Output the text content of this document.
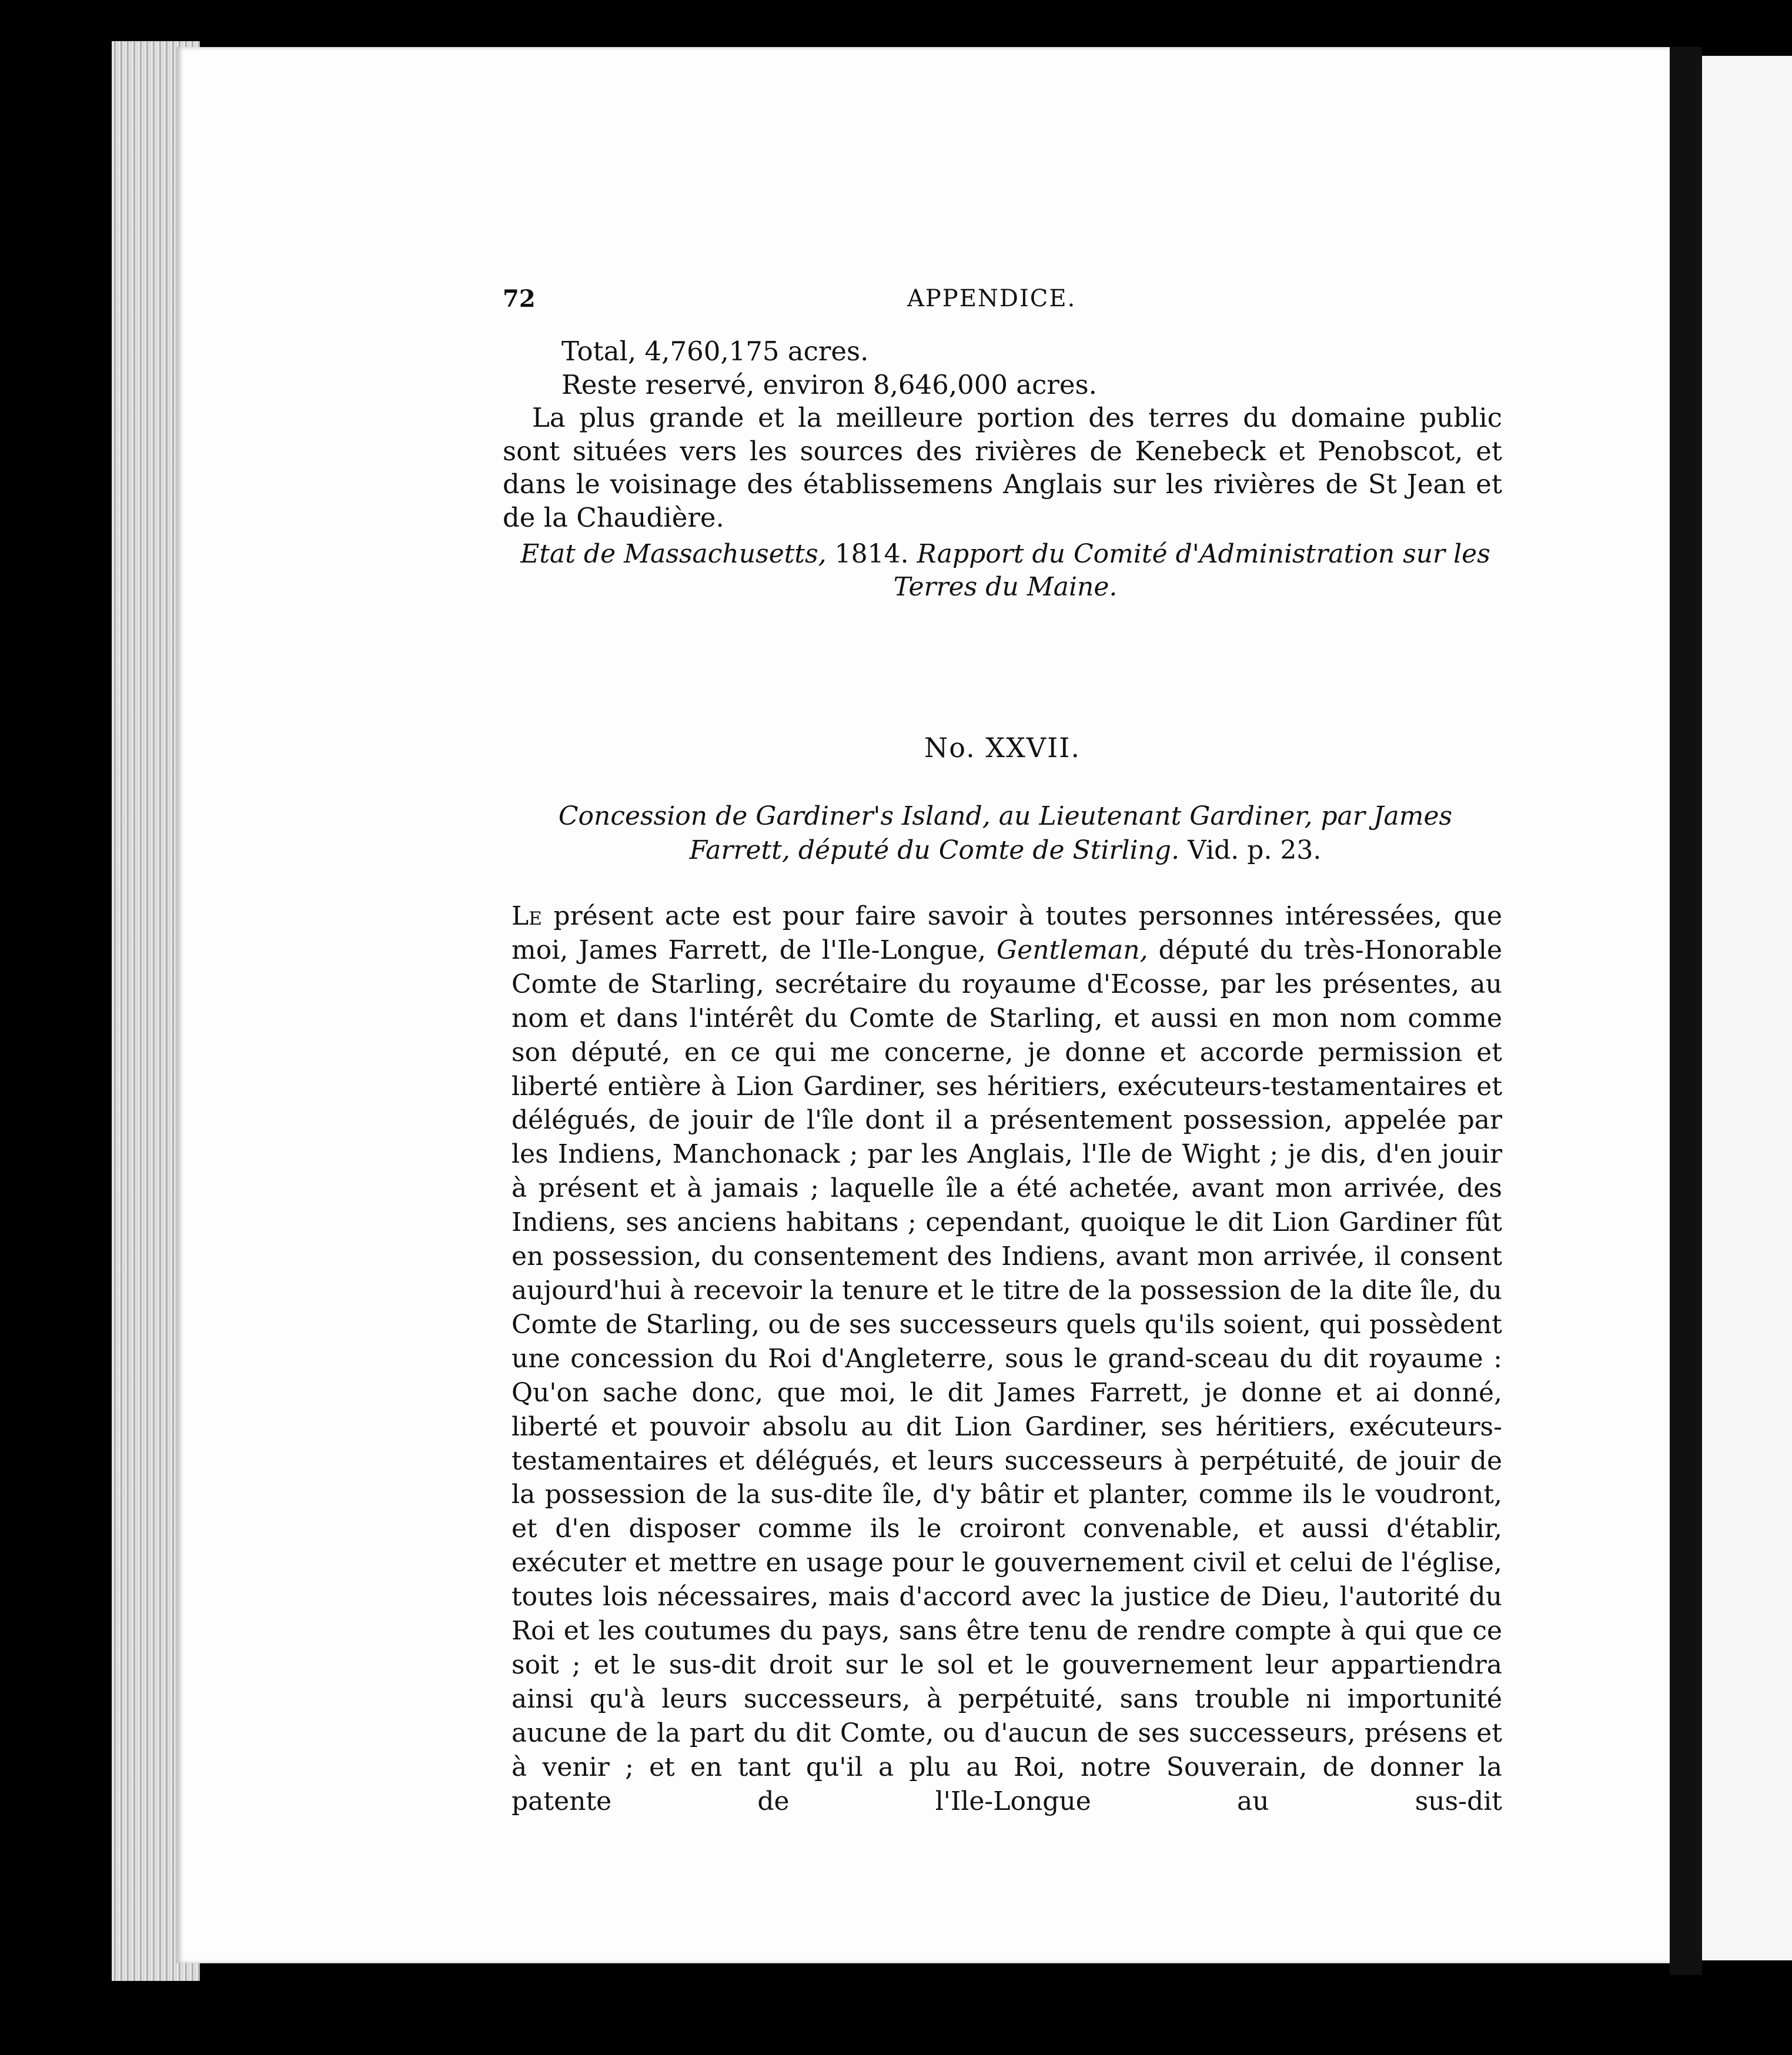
72	APPENDICE.
Total, 4,760,175 acres.
Reste reservé, environ 8,646,000 acres.
La plus grande et la meilleure portion des terres du domaine public sont situées vers les sources des rivières de Kenebeck et Penobscot, et dans le voisinage des établissemens Anglais sur les rivières de St Jean et de la Chaudière.
Etat de Massachusetts, 1814. Rapport du Comité d'Administration sur les Terres du Maine.
No. XXVII.
Concession de Gardiner's Island, au Lieutenant Gardiner, par James Farrett, député du Comte de Stirling. Vid. p. 23.
Le présent acte est pour faire savoir à toutes personnes intéressées, que moi, James Farrett, de l'Ile-Longue, Gentleman, député du très-Honorable Comte de Starling, secrétaire du royaume d'Ecosse, par les présentes, au nom et dans l'intérêt du Comte de Starling, et aussi en mon nom comme son député, en ce qui me concerne, je donne et accorde permission et liberté entière à Lion Gardiner, ses héritiers, exécuteurs-testamentaires et délégués, de jouir de l'île dont il a présentement possession, appelée par les Indiens, Manchonack ; par les Anglais, l'Ile de Wight ; je dis, d'en jouir à présent et à jamais ; laquelle île a été achetée, avant mon arrivée, des Indiens, ses anciens habitans ; cependant, quoique le dit Lion Gardiner fût en possession, du consentement des Indiens, avant mon arrivée, il consent aujourd'hui à recevoir la tenure et le titre de la possession de la dite île, du Comte de Starling, ou de ses successeurs quels qu'ils soient, qui possèdent une concession du Roi d'Angleterre, sous le grand-sceau du dit royaume : Qu'on sache donc, que moi, le dit James Farrett, je donne et ai donné, liberté et pouvoir absolu au dit Lion Gardiner, ses héritiers, exécuteurs-testamentaires et délégués, et leurs successeurs à perpétuité, de jouir de la possession de la sus-dite île, d'y bâtir et planter, comme ils le voudront, et d'en disposer comme ils le croiront convenable, et aussi d'établir, exécuter et mettre en usage pour le gouvernement civil et celui de l'église, toutes lois nécessaires, mais d'accord avec la justice de Dieu, l'autorité du Roi et les coutumes du pays, sans être tenu de rendre compte à qui que ce soit ; et le sus-dit droit sur le sol et le gouvernement leur appartiendra ainsi qu'à leurs successeurs, à perpétuité, sans trouble ni importunité aucune de la part du dit Comte, ou d'aucun de ses successeurs, présens et à venir ; et en tant qu'il a plu au Roi, notre Souverain, de donner la patente de l'Ile-Longue au sus-dit
